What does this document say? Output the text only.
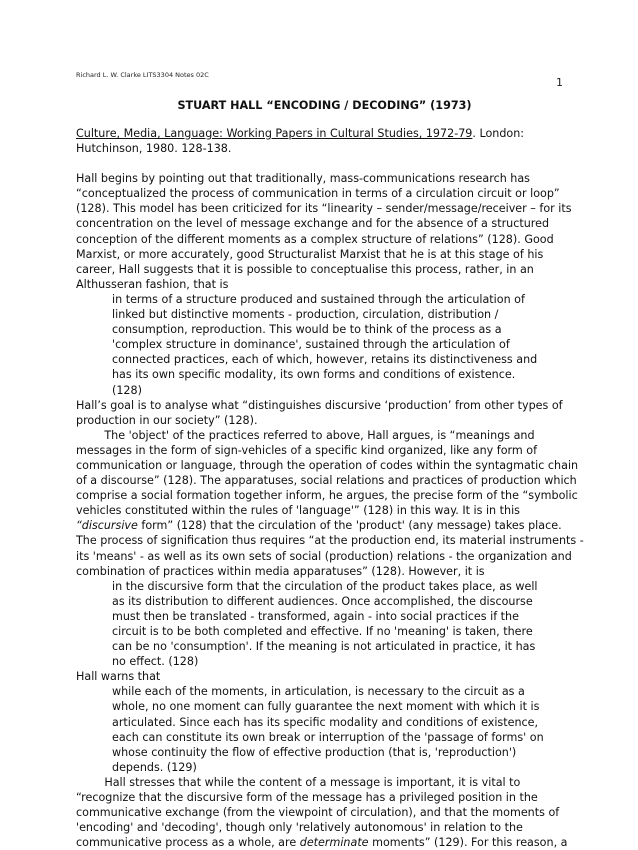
Richard L. W. Clarke LITS3304 Notes 02C
1
STUART HALL “ENCODING / DECODING” (1973)

Culture, Media, Language: Working Papers in Cultural Studies, 1972-79. London:

Hutchinson, 1980. 128-138.

Hall begins by pointing out that traditionally, mass-communications research has

“conceptualized the process of communication in terms of a circulation circuit or loop”

(128). This model has been criticized for its “linearity – sender/message/receiver – for its

concentration on the level of message exchange and for the absence of a structured

conception of the different moments as a complex structure of relations” (128). Good

Marxist, or more accurately, good Structuralist Marxist that he is at this stage of his

career, Hall suggests that it is possible to conceptualise this process, rather, in an

Althusseran fashion, that is

in terms of a structure produced and sustained through the articulation of

linked but distinctive moments - production, circulation, distribution /

consumption, reproduction. This would be to think of the process as a

'complex structure in dominance', sustained through the articulation of

connected practices, each of which, however, retains its distinctiveness and

has its own specific modality, its own forms and conditions of existence.

(128)

Hall’s goal is to analyse what “distinguishes discursive ‘production’ from other types of

production in our society” (128).

The 'object' of the practices referred to above, Hall argues, is “meanings and

messages in the form of sign-vehicles of a specific kind organized, like any form of

communication or language, through the operation of codes within the syntagmatic chain

of a discourse” (128). The apparatuses, social relations and practices of production which

comprise a social formation together inform, he argues, the precise form of the “symbolic

vehicles constituted within the rules of 'language'” (128) in this way. It is in this

“discursive form” (128) that the circulation of the 'product' (any message) takes place.

The process of signification thus requires “at the production end, its material instruments -

its 'means' - as well as its own sets of social (production) relations - the organization and

combination of practices within media apparatuses” (128). However, it is

in the discursive form that the circulation of the product takes place, as well

as its distribution to different audiences. Once accomplished, the discourse

must then be translated - transformed, again - into social practices if the

circuit is to be both completed and effective. If no 'meaning' is taken, there

can be no 'consumption'. If the meaning is not articulated in practice, it has

no effect. (128)

Hall warns that

while each of the moments, in articulation, is necessary to the circuit as a

whole, no one moment can fully guarantee the next moment with which it is

articulated. Since each has its specific modality and conditions of existence,

each can constitute its own break or interruption of the 'passage of forms' on

whose continuity the flow of effective production (that is, 'reproduction')

depends. (129)

Hall stresses that while the content of a message is important, it is vital to

“recognize that the discursive form of the message has a privileged position in the

communicative exchange (from the viewpoint of circulation), and that the moments of

'encoding' and 'decoding', though only 'relatively autonomous' in relation to the

communicative process as a whole, are determinate moments” (129). For this reason, a
